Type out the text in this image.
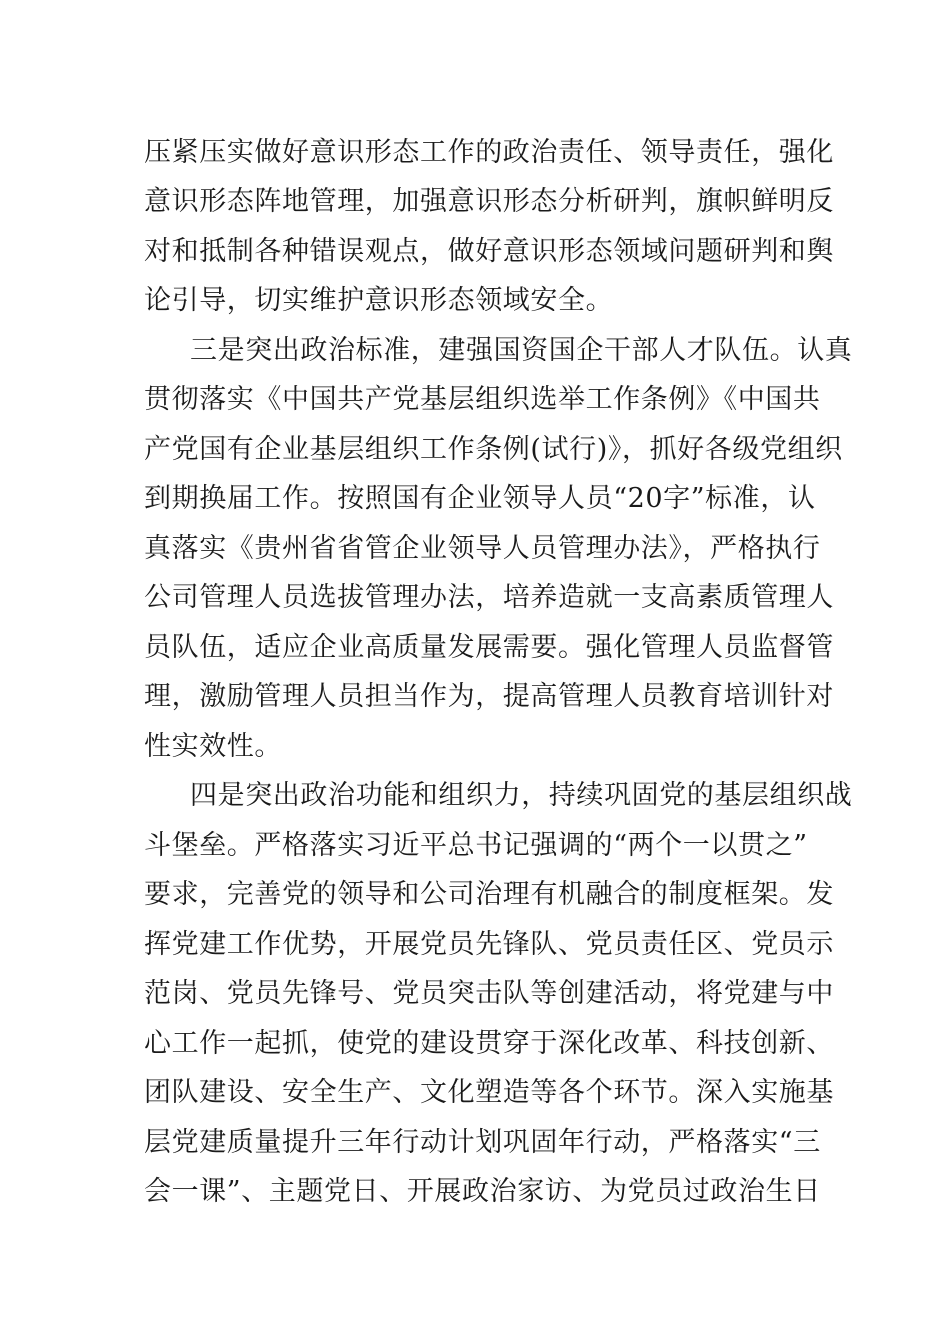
压紧压实做好意识形态工作的政治责任、领导责任，强化

意识形态阵地管理，加强意识形态分析研判，旗帜鲜明反

对和抵制各种错误观点，做好意识形态领域问题研判和舆

论引导，切实维护意识形态领域安全。

三是突出政治标准，建强国资国企干部人才队伍。认真

贯彻落实《中国共产党基层组织选举工作条例》《中国共

产党国有企业基层组织工作条例(试行)》，抓好各级党组织

到期换届工作。按照国有企业领导人员“20字”标准，认

真落实《贵州省省管企业领导人员管理办法》，严格执行

公司管理人员选拔管理办法，培养造就一支高素质管理人

员队伍，适应企业高质量发展需要。强化管理人员监督管

理，激励管理人员担当作为，提高管理人员教育培训针对

性实效性。

四是突出政治功能和组织力，持续巩固党的基层组织战

斗堡垒。严格落实习近平总书记强调的“两个一以贯之”

要求，完善党的领导和公司治理有机融合的制度框架。发

挥党建工作优势，开展党员先锋队、党员责任区、党员示

范岗、党员先锋号、党员突击队等创建活动，将党建与中

心工作一起抓，使党的建设贯穿于深化改革、科技创新、

团队建设、安全生产、文化塑造等各个环节。深入实施基

层党建质量提升三年行动计划巩固年行动，严格落实“三

会一课”、主题党日、开展政治家访、为党员过政治生日
